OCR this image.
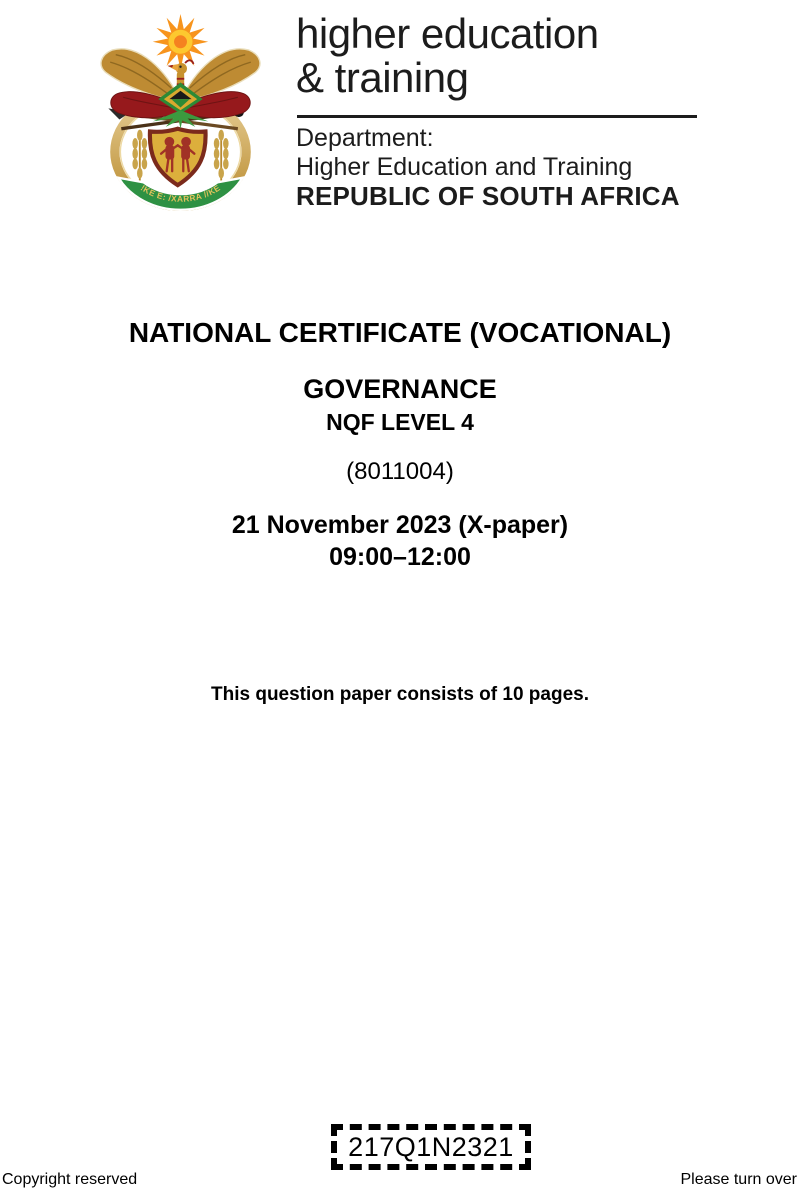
!KE E: /XARRA //KE
higher education
& training
Department:
Higher Education and Training
REPUBLIC OF SOUTH AFRICA
NATIONAL CERTIFICATE (VOCATIONAL)
GOVERNANCE
NQF LEVEL 4
(8011004)
21 November 2023 (X-paper)
09:00–12:00
This question paper consists of 10 pages.
217Q1N2321
Copyright reserved	Please turn over
